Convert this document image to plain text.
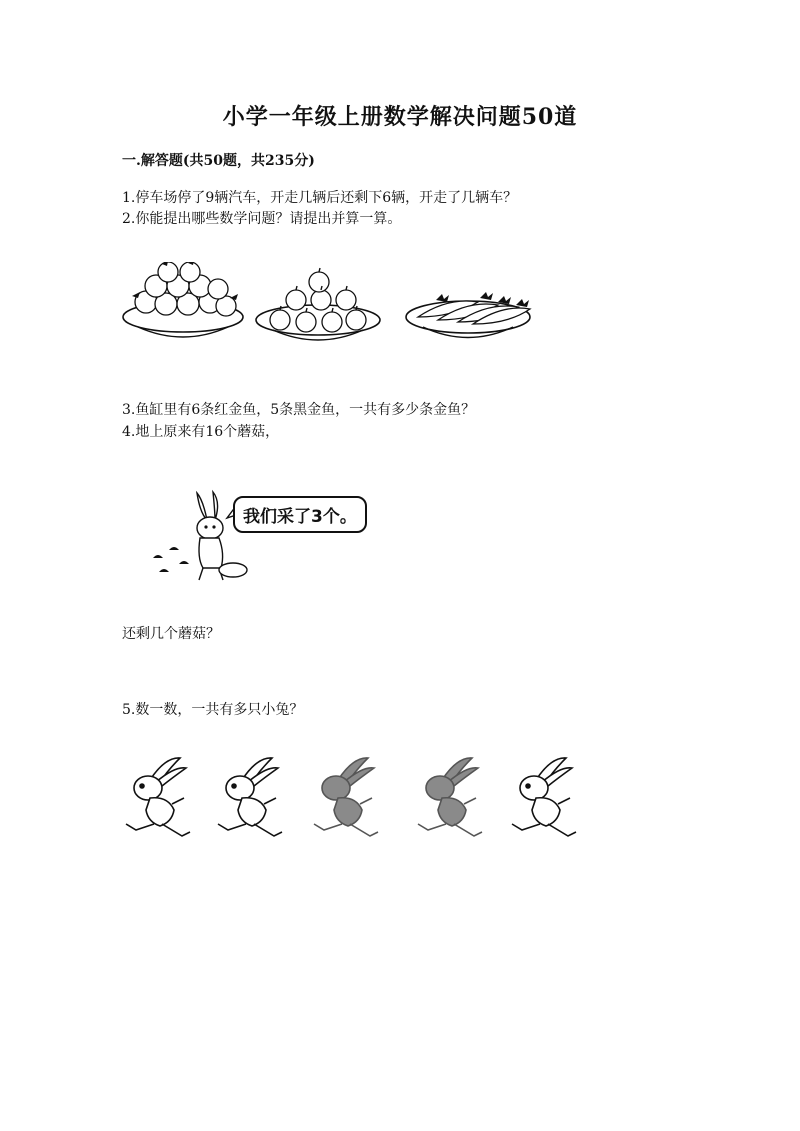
小学一年级上册数学解决问题50道
一.解答题(共50题，共235分)
1.停车场停了9辆汽车，开走几辆后还剩下6辆，开走了几辆车？
2.你能提出哪些数学问题？请提出并算一算。
3.鱼缸里有6条红金鱼，5条黑金鱼，一共有多少条金鱼？
4.地上原来有16个蘑菇，
我们采了3个。
还剩几个蘑菇？
5.数一数，一共有多只小兔？
